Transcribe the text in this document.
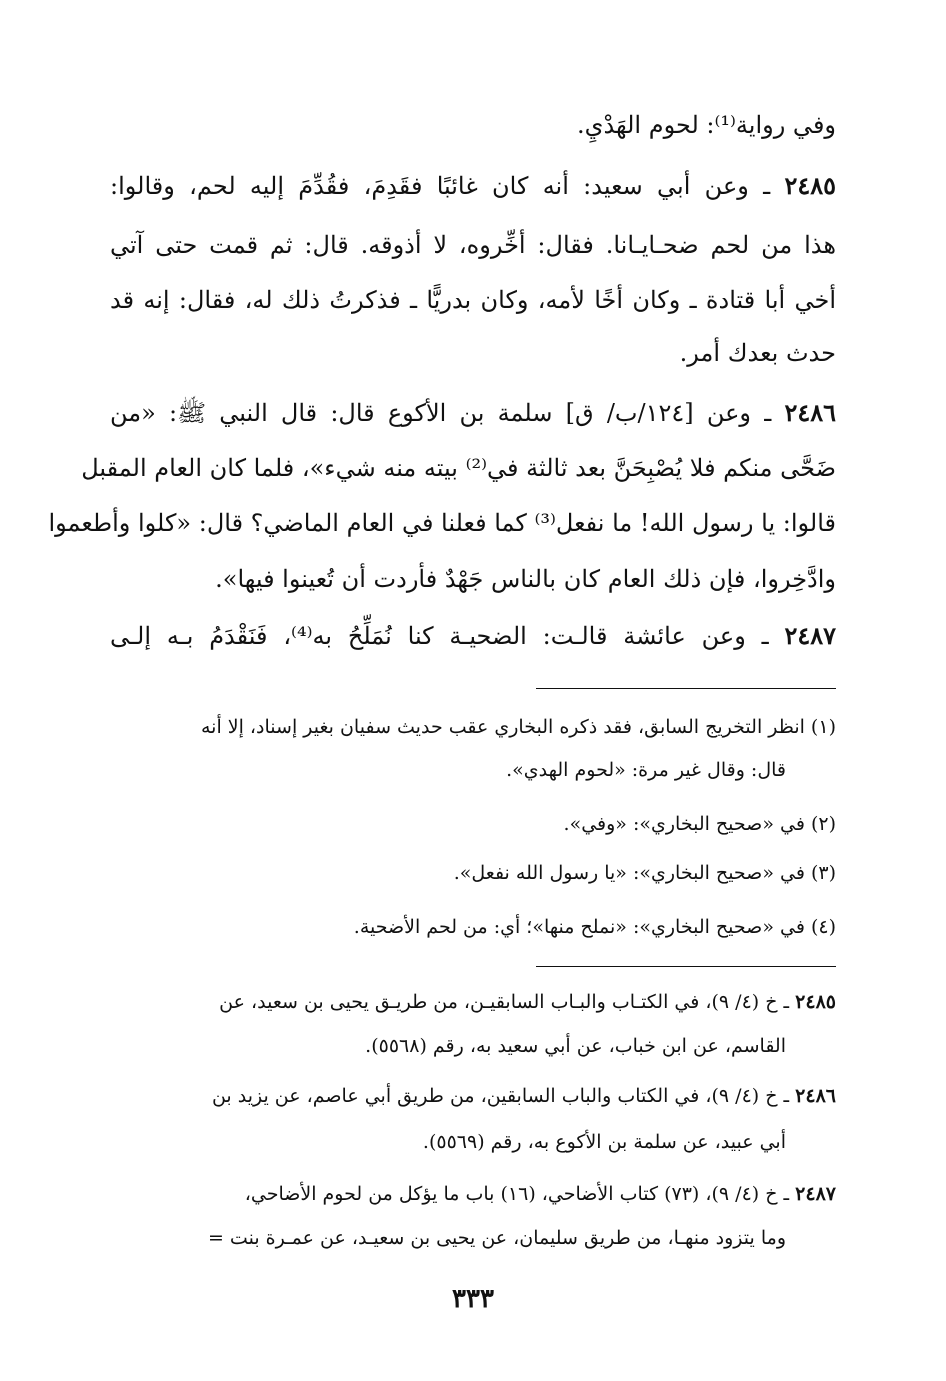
وفي رواية⁽¹⁾: لحوم الهَدْيِ.
٢٤٨٥ ـ وعن أبي سعيد: أنه كان غائبًا فقَدِمَ، فقُدِّمَ إليه لحم، وقالوا:
هذا من لحم ضحـايـانا. فقال: أخِّروه، لا أذوقه. قال: ثم قمت حتى آتي
أخي أبا قتادة ـ وكان أخًا لأمه، وكان بدريًّا ـ فذكرتُ ذلك له، فقال: إنه قد
حدث بعدك أمر.
٢٤٨٦ ـ وعن [١٢٤/ب/ ق] سلمة بن الأكوع قال: قال النبي ﷺ: «من
ضَحَّى منكم فلا يُصْبِحَنَّ بعد ثالثة في⁽²⁾ بيته منه شيء»، فلما كان العام المقبل
قالوا: يا رسول الله! ما نفعل⁽³⁾ كما فعلنا في العام الماضي؟ قال: «كلوا وأطعموا
وادَّخِروا، فإن ذلك العام كان بالناس جَهْدٌ فأردت أن تُعينوا فيها».
٢٤٨٧ ـ وعن عائشة قالـت: الضحيـة كنا نُمَلِّحُ به⁽⁴⁾، فَنَقْدَمُ بـه إلـى
(١) انظر التخريج السابق، فقد ذكره البخاري عقب حديث سفيان بغير إسناد، إلا أنه
قال: وقال غير مرة: «لحوم الهدي».
(٢) في «صحيح البخاري»: «وفي».
(٣) في «صحيح البخاري»: «يا رسول الله نفعل».
(٤) في «صحيح البخاري»: «نملح منها»؛ أي: من لحم الأضحية.
٢٤٨٥ ـ خ (٤/ ٩)، في الكتـاب والبـاب السابقيـن، من طريـق يحيى بن سعيد، عن
القاسم، عن ابن خباب، عن أبي سعيد به، رقم (٥٥٦٨).
٢٤٨٦ ـ خ (٤/ ٩)، في الكتاب والباب السابقين، من طريق أبي عاصم، عن يزيد بن
أبي عبيد، عن سلمة بن الأكوع به، رقم (٥٥٦٩).
٢٤٨٧ ـ خ (٤/ ٩)، (٧٣) كتاب الأضاحي، (١٦) باب ما يؤكل من لحوم الأضاحي،
وما يتزود منهـا، من طريق سليمان، عن يحيى بن سعيـد، عن عمـرة بنت =
٣٣٣
